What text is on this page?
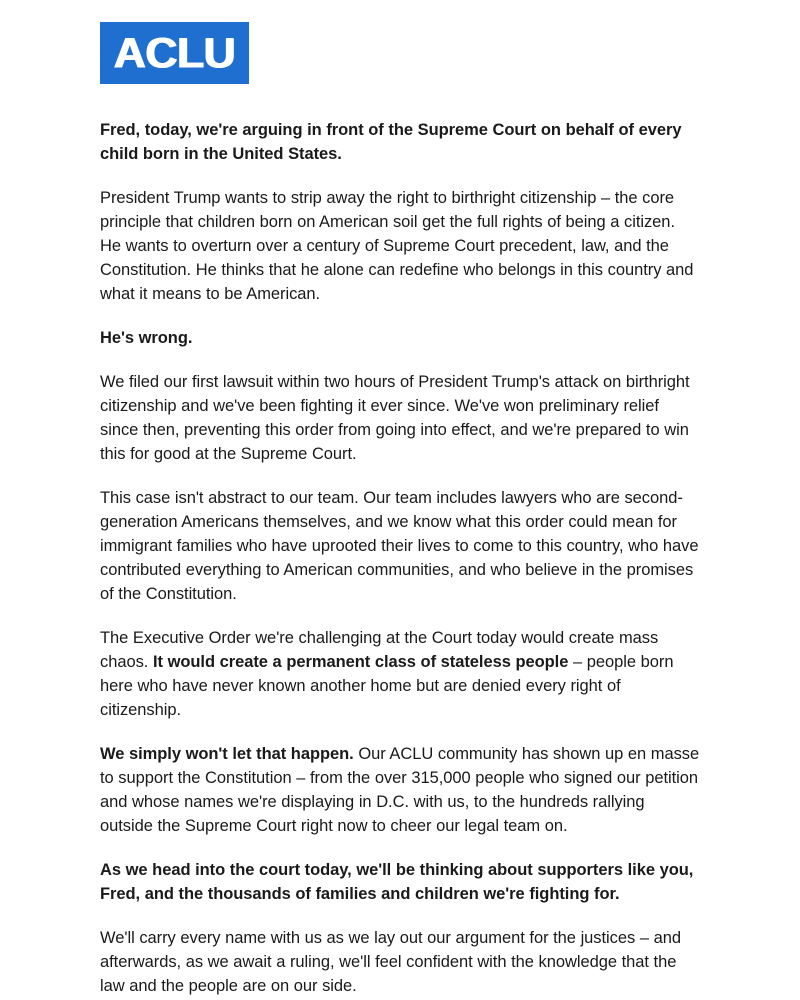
ACLU

Fred, today, we're arguing in front of the Supreme Court on behalf of every child born in the United States.

President Trump wants to strip away the right to birthright citizenship – the core principle that children born on American soil get the full rights of being a citizen. He wants to overturn over a century of Supreme Court precedent, law, and the Constitution. He thinks that he alone can redefine who belongs in this country and what it means to be American.

He's wrong.

We filed our first lawsuit within two hours of President Trump's attack on birthright citizenship and we've been fighting it ever since. We've won preliminary relief since then, preventing this order from going into effect, and we're prepared to win this for good at the Supreme Court.

This case isn't abstract to our team. Our team includes lawyers who are second-generation Americans themselves, and we know what this order could mean for immigrant families who have uprooted their lives to come to this country, who have contributed everything to American communities, and who believe in the promises of the Constitution.

The Executive Order we're challenging at the Court today would create mass chaos. It would create a permanent class of stateless people – people born here who have never known another home but are denied every right of citizenship.

We simply won't let that happen. Our ACLU community has shown up en masse to support the Constitution – from the over 315,000 people who signed our petition and whose names we're displaying in D.C. with us, to the hundreds rallying outside the Supreme Court right now to cheer our legal team on.

As we head into the court today, we'll be thinking about supporters like you, Fred, and the thousands of families and children we're fighting for.

We'll carry every name with us as we lay out our argument for the justices – and afterwards, as we await a ruling, we'll feel confident with the knowledge that the law and the people are on our side.
